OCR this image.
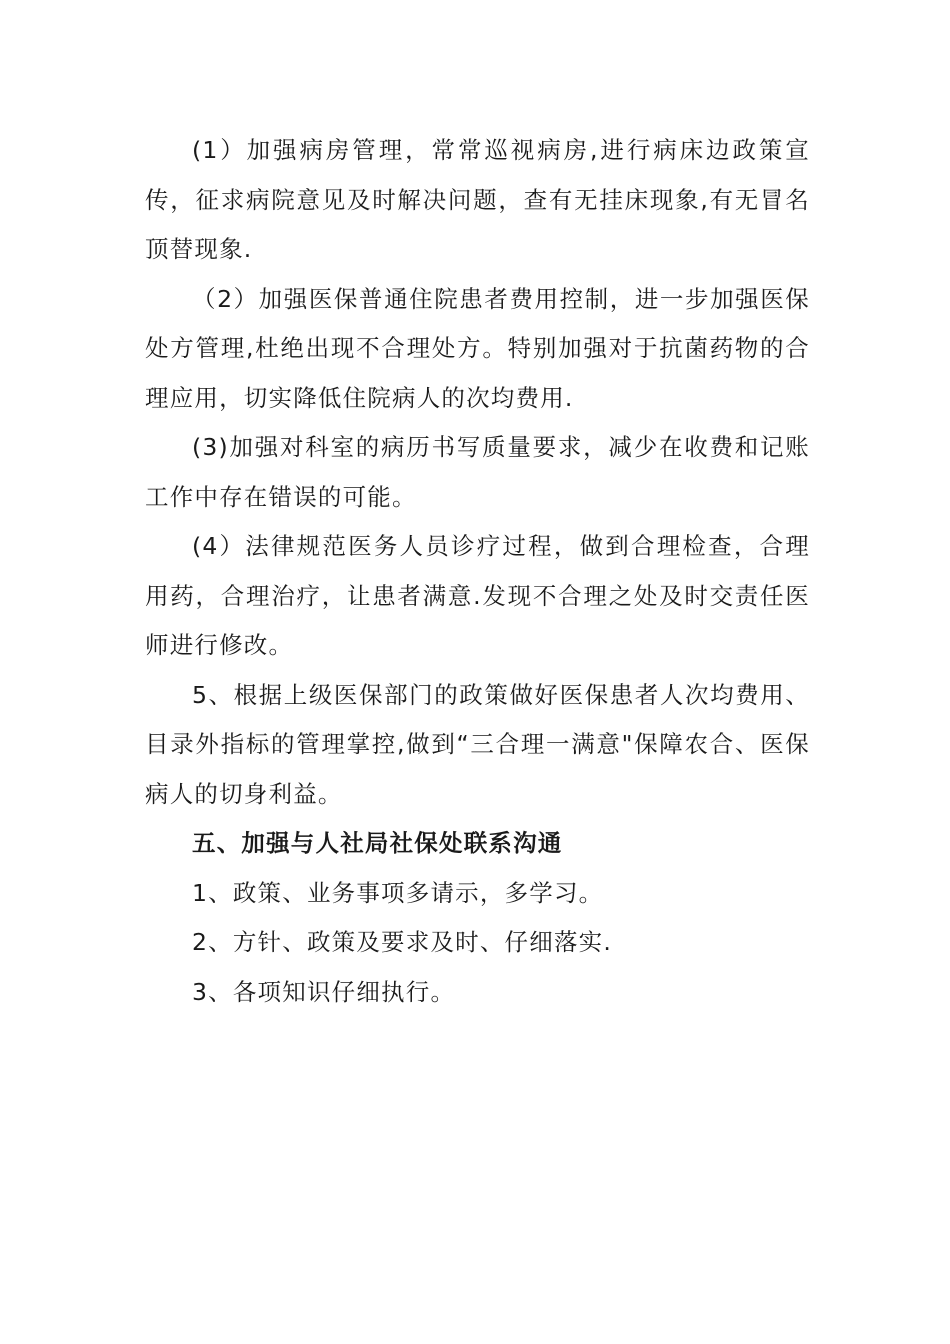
(1）加强病房管理，常常巡视病房,进行病床边政策宣传，征求病院意见及时解决问题，查有无挂床现象,有无冒名顶替现象.

（2）加强医保普通住院患者费用控制，进一步加强医保处方管理,杜绝出现不合理处方。特别加强对于抗菌药物的合理应用，切实降低住院病人的次均费用.

(3)加强对科室的病历书写质量要求，减少在收费和记账工作中存在错误的可能。

(4）法律规范医务人员诊疗过程，做到合理检查，合理用药，合理治疗，让患者满意.发现不合理之处及时交责任医师进行修改。

5、根据上级医保部门的政策做好医保患者人次均费用、目录外指标的管理掌控,做到“三合理一满意"保障农合、医保病人的切身利益。

五、加强与人社局社保处联系沟通

1、政策、业务事项多请示，多学习。

2、方针、政策及要求及时、仔细落实.

3、各项知识仔细执行。
